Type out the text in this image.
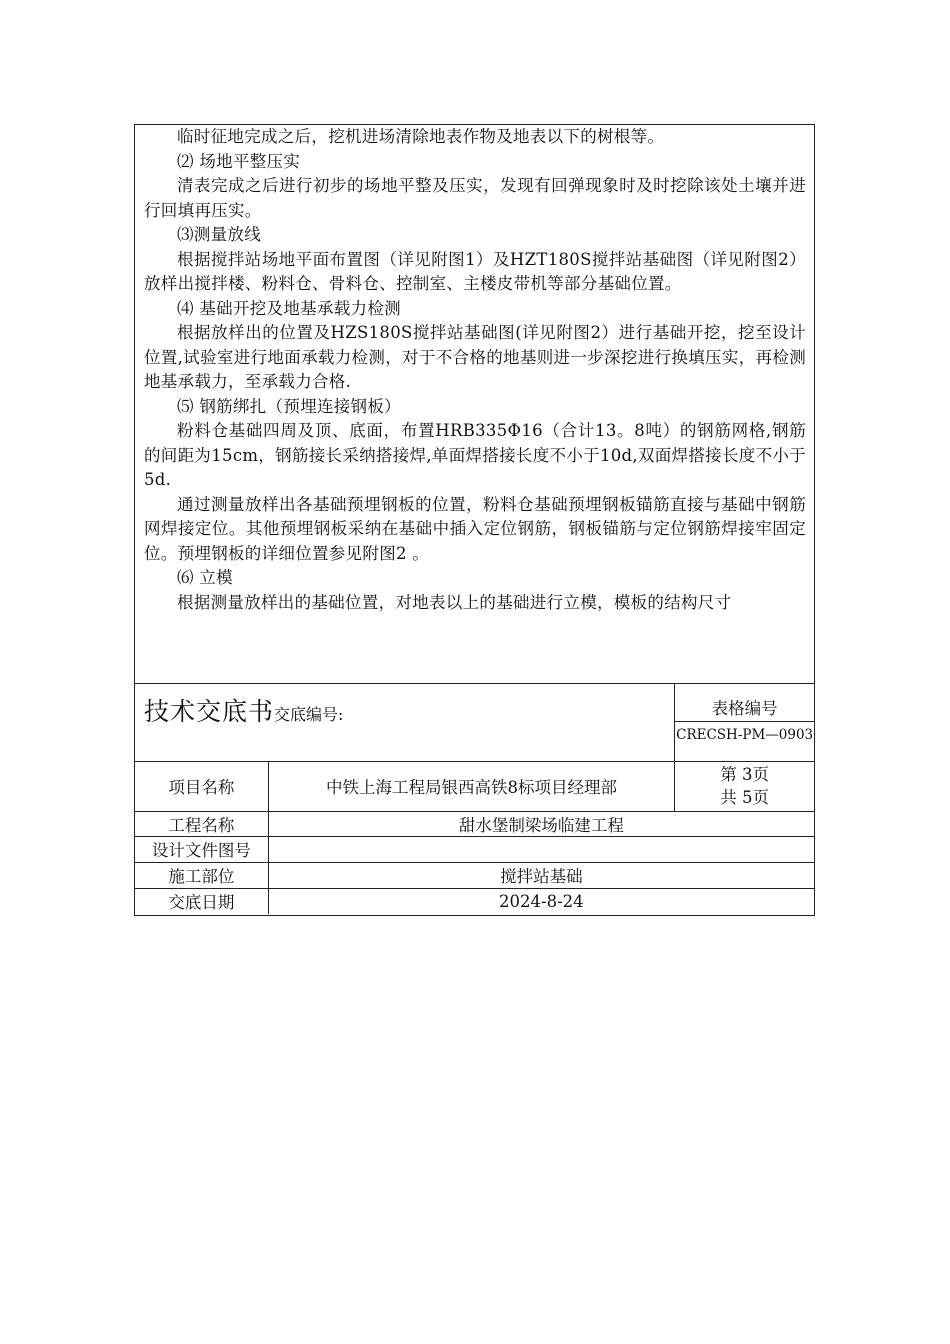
临时征地完成之后，挖机进场清除地表作物及地表以下的树根等。

⑵ 场地平整压实

清表完成之后进行初步的场地平整及压实，发现有回弹现象时及时挖除该处土壤并进行回填再压实。

⑶测量放线

根据搅拌站场地平面布置图（详见附图1）及HZT180S搅拌站基础图（详见附图2）放样出搅拌楼、粉料仓、骨料仓、控制室、主楼皮带机等部分基础位置。

⑷ 基础开挖及地基承载力检测

根据放样出的位置及HZS180S搅拌站基础图(详见附图2）进行基础开挖，挖至设计位置,试验室进行地面承载力检测，对于不合格的地基则进一步深挖进行换填压实，再检测地基承载力，至承载力合格.

⑸ 钢筋绑扎（预埋连接钢板）

粉料仓基础四周及顶、底面，布置HRB335Φ16（合计13。8吨）的钢筋网格,钢筋的间距为15cm，钢筋接长采纳搭接焊,单面焊搭接长度不小于10d,双面焊搭接长度不小于5d.

通过测量放样出各基础预埋钢板的位置，粉料仓基础预埋钢板锚筋直接与基础中钢筋网焊接定位。其他预埋钢板采纳在基础中插入定位钢筋，钢板锚筋与定位钢筋焊接牢固定位。预埋钢板的详细位置参见附图2 。

⑹ 立模

根据测量放样出的基础位置，对地表以上的基础进行立模，模板的结构尺寸

技术交底书交底编号:		表格编号
CRECSH-PM—0903

项目名称	中铁上海工程局银西高铁8标项目经理部	第 3页
共 5页

工程名称	甜水堡制梁场临建工程	
设计文件图号		
施工部位	搅拌站基础	
交底日期	2024-8-24	
